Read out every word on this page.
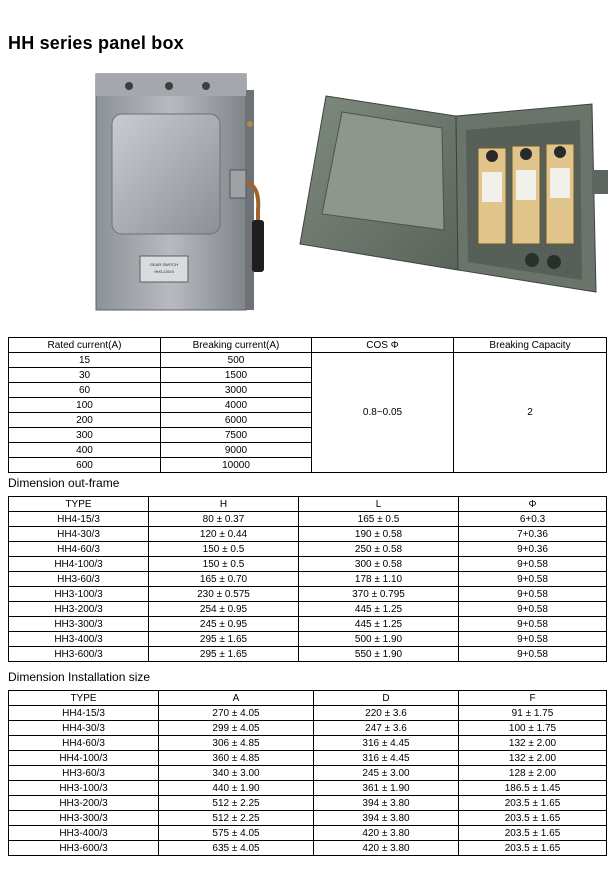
HH series panel box
GEAR SWITCH
HH3-100/3
Rated current(A)	Breaking current(A)	COS Φ	Breaking Capacity
15	500	0.8~0.05	2
30	1500		
60	3000		
100	4000		
200	6000		
300	7500		
400	9000		
600	10000		
Dimension out-frame
TYPE	H	L	Φ
HH4-15/3	80 ± 0.37	165 ± 0.5	6+0.3
HH4-30/3	120 ± 0.44	190 ± 0.58	7+0.36
HH4-60/3	150 ± 0.5	250 ± 0.58	9+0.36
HH4-100/3	150 ± 0.5	300 ± 0.58	9+0.58
HH3-60/3	165 ± 0.70	178 ± 1.10	9+0.58
HH3-100/3	230 ± 0.575	370 ± 0.795	9+0.58
HH3-200/3	254 ± 0.95	445 ± 1.25	9+0.58
HH3-300/3	245 ± 0.95	445 ± 1.25	9+0.58
HH3-400/3	295 ± 1.65	500 ± 1.90	9+0.58
HH3-600/3	295 ± 1.65	550 ± 1.90	9+0.58
Dimension Installation size
TYPE	A	D	F
HH4-15/3	270 ± 4.05	220 ± 3.6	91 ± 1.75
HH4-30/3	299 ± 4.05	247 ± 3.6	100 ± 1.75
HH4-60/3	306 ± 4.85	316 ± 4.45	132 ± 2.00
HH4-100/3	360 ± 4.85	316 ± 4.45	132 ± 2.00
HH3-60/3	340 ± 3.00	245 ± 3.00	128 ± 2.00
HH3-100/3	440 ± 1.90	361 ± 1.90	186.5 ± 1.45
HH3-200/3	512 ± 2.25	394 ± 3.80	203.5 ± 1.65
HH3-300/3	512 ± 2.25	394 ± 3.80	203.5 ± 1.65
HH3-400/3	575 ± 4.05	420 ± 3.80	203.5 ± 1.65
HH3-600/3	635 ± 4.05	420 ± 3.80	203.5 ± 1.65
